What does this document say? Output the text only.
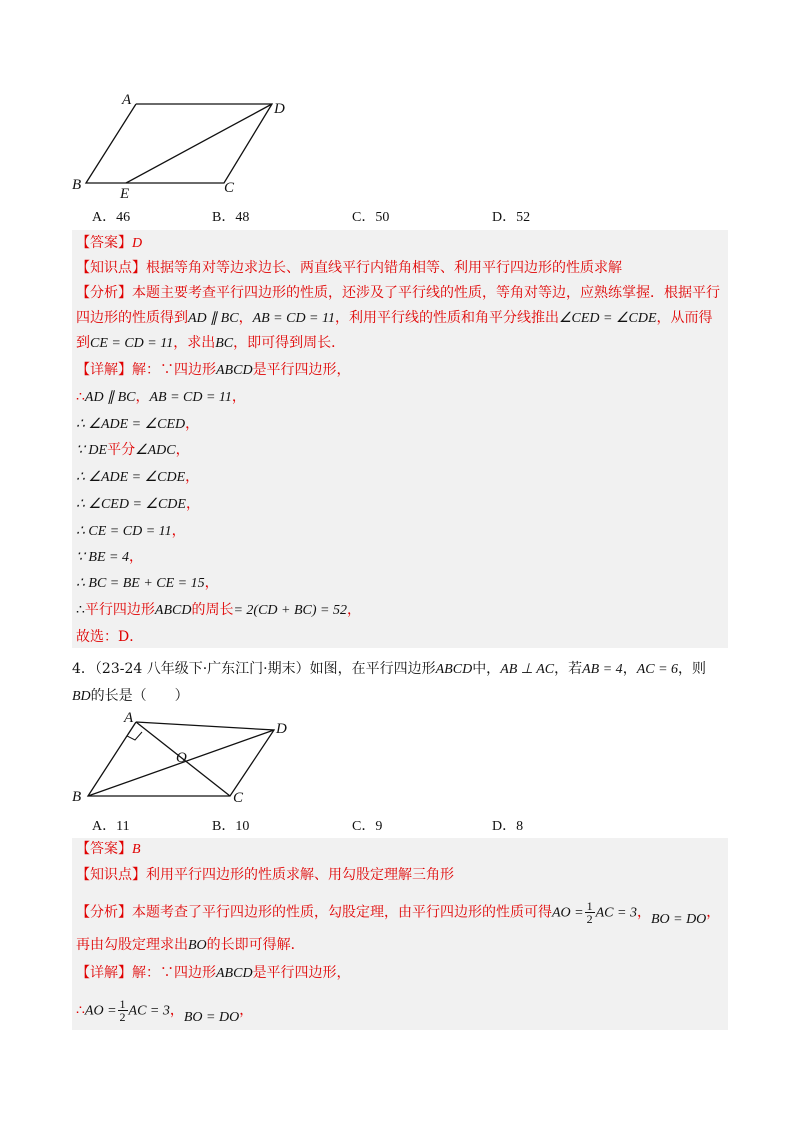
A
D
B
E	C
A．46	B．48	C．50	D．52
【答案】D
【知识点】根据等角对等边求边长、两直线平行内错角相等、利用平行四边形的性质求解
【分析】本题主要考查平行四边形的性质，还涉及了平行线的性质，等角对等边，应熟练掌握．根据平行
四边形的性质得到AD ∥ BC，AB = CD = 11，利用平行线的性质和角平分线推出∠CED = ∠CDE，从而得
到CE = CD = 11，求出BC，即可得到周长．
【详解】解：∵四边形ABCD是平行四边形，
∴AD ∥ BC，AB = CD = 11，
∴ ∠ADE = ∠CED，
∵ DE平分∠ADC，
∴ ∠ADE = ∠CDE，
∴ ∠CED = ∠CDE，
∴ CE = CD = 11，
∵ BE = 4，
∴ BC = BE + CE = 15，
∴平行四边形ABCD的周长= 2(CD + BC) = 52，
故选：D．
4．（23-24 八年级下·广东江门·期末）如图，在平行四边形ABCD中，AB ⊥ AC，若AB = 4，AC = 6，则
BD的长是（　　）
A
D
O
B	C
A．11	B．10	C．9	D．8
【答案】B
【知识点】利用平行四边形的性质求解、用勾股定理解三角形
【分析】本题考查了平行四边形的性质，勾股定理，由平行四边形的性质可得AO = $\frac{1}{2}$ AC = 3，BO = DO，
再由勾股定理求出BO的长即可得解．
【详解】解：∵四边形ABCD是平行四边形，
∴AO = $\frac{1}{2}$ AC = 3，BO = DO，
